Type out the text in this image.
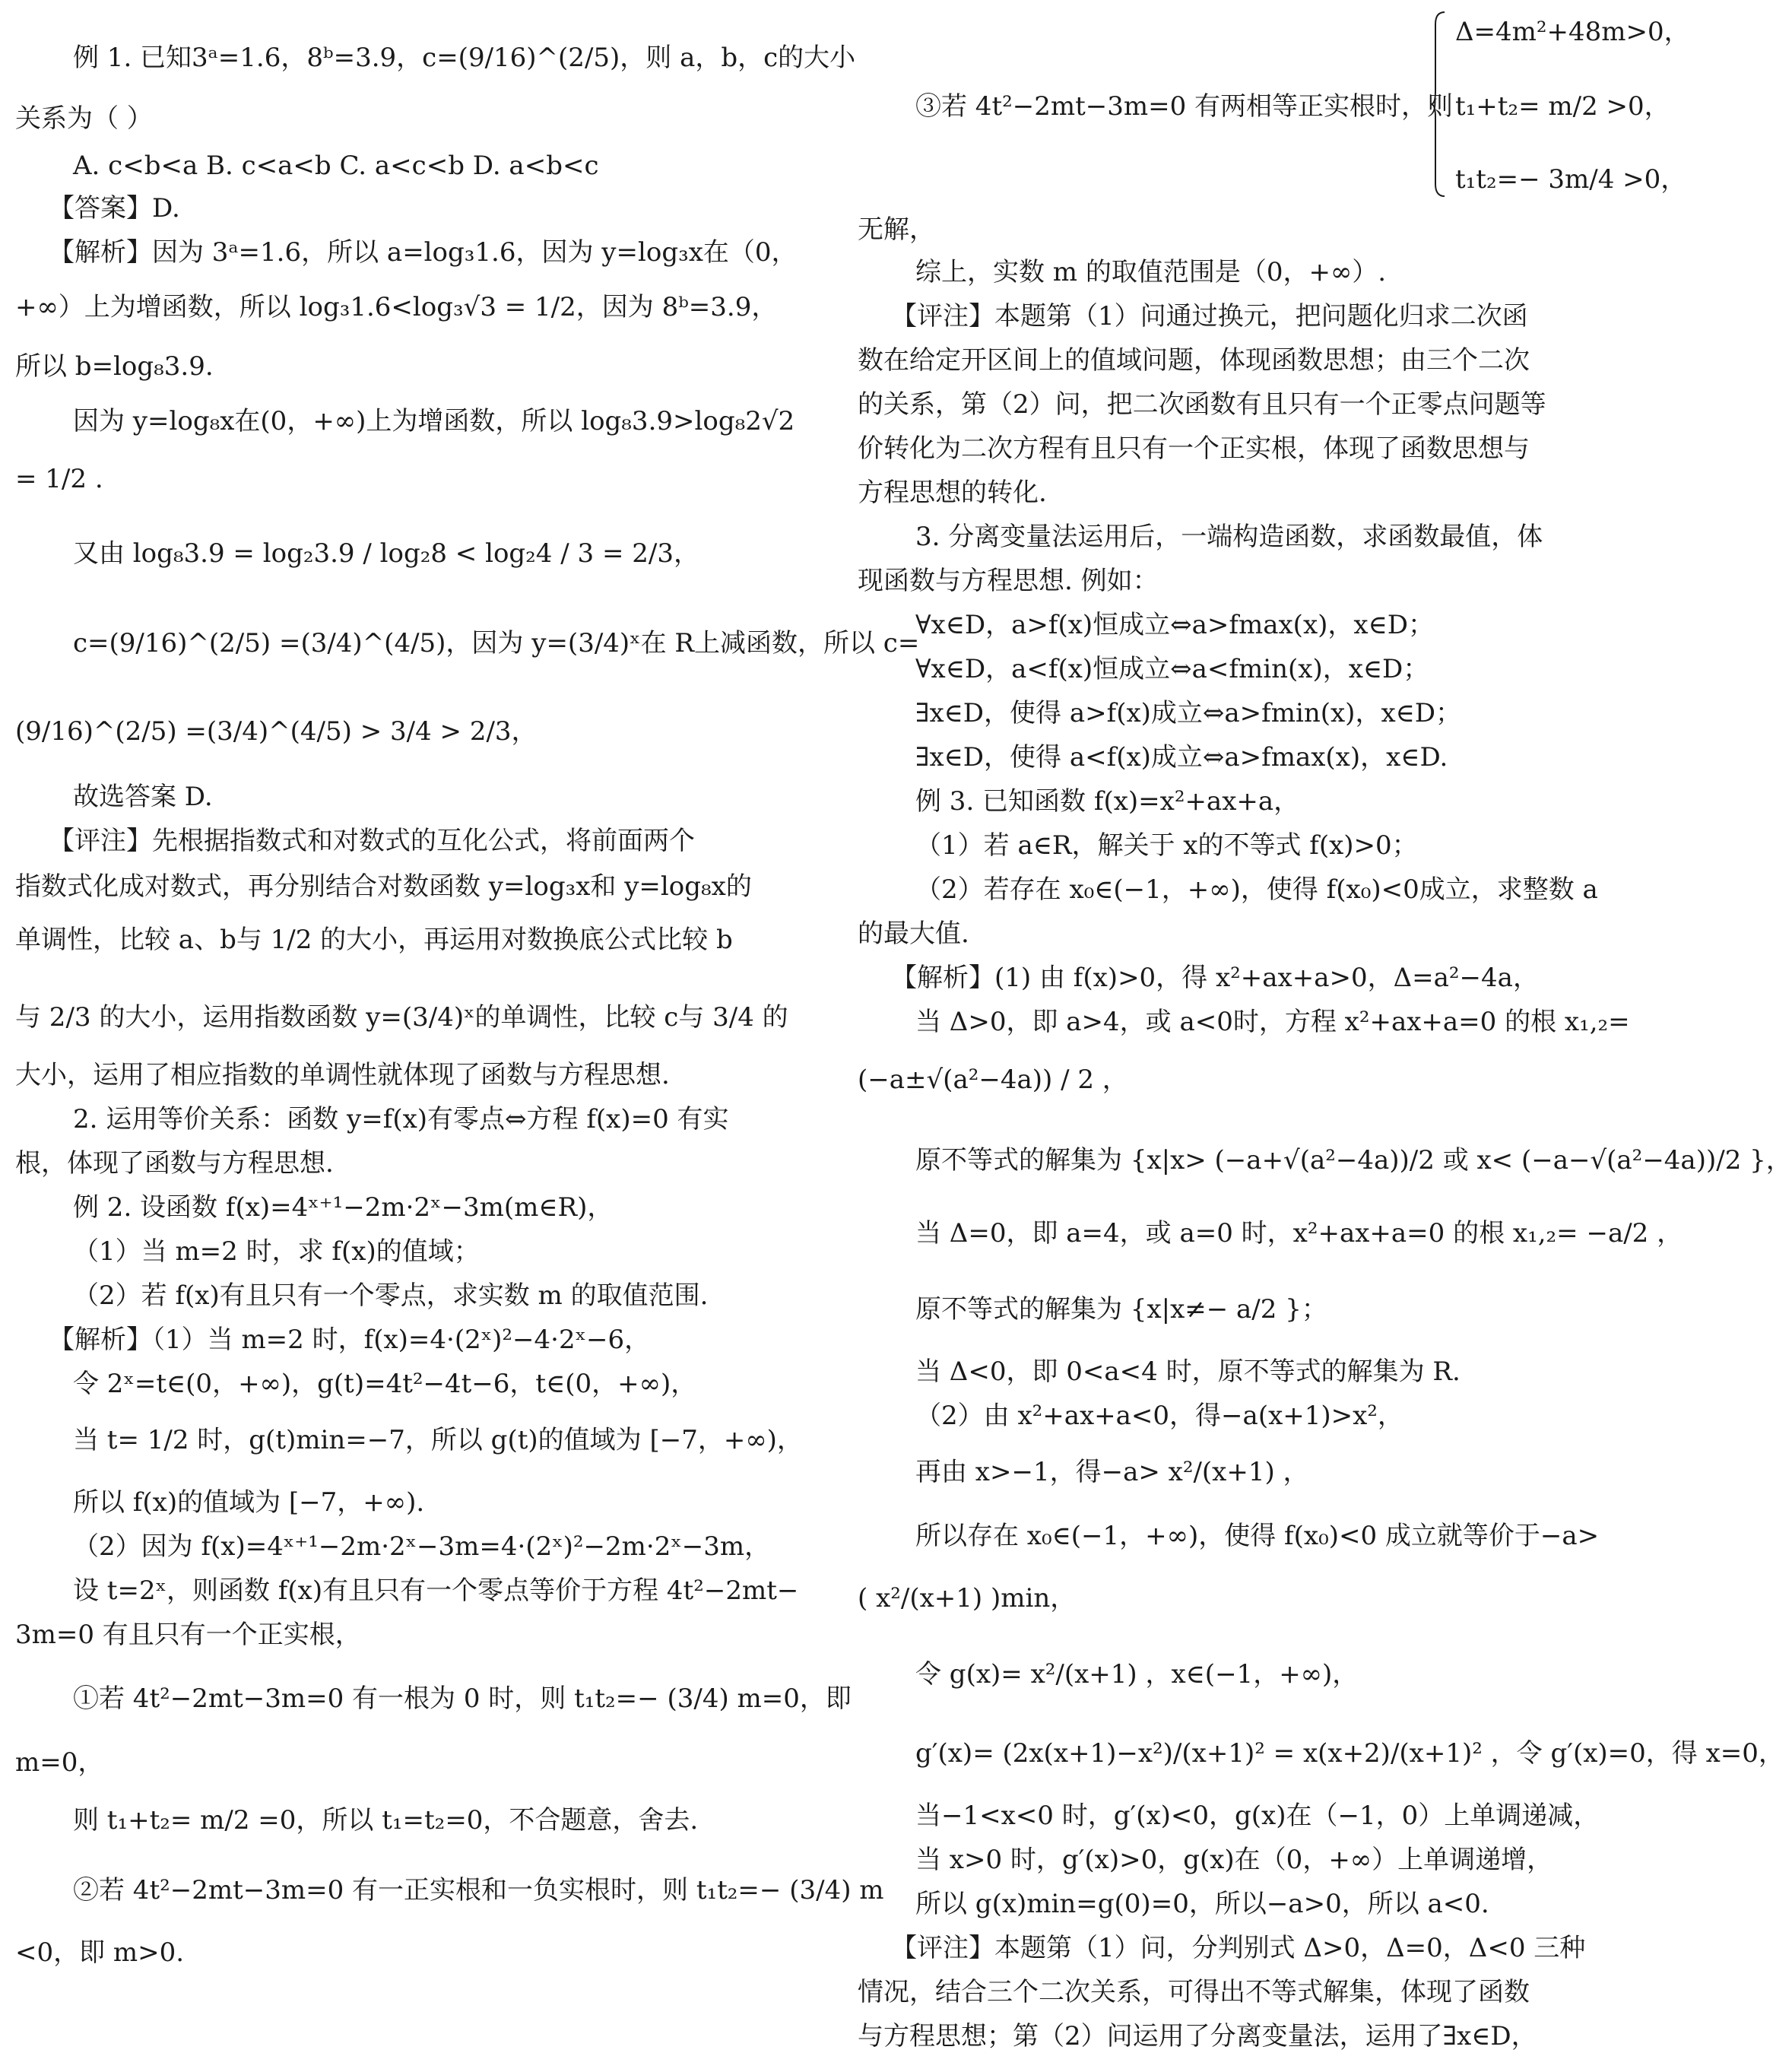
例 1. 已知3ᵃ=1.6，8ᵇ=3.9，c=(9/16)^(2/5)，则 a，b，c的大小
关系为（ ）
A. c<b<a B. c<a<b C. a<c<b D. a<b<c
【答案】D.
【解析】因为 3ᵃ=1.6，所以 a=log₃1.6，因为 y=log₃x在（0，
+∞）上为增函数，所以 log₃1.6<log₃√3 = 1/2，因为 8ᵇ=3.9，
所以 b=log₈3.9.
因为 y=log₈x在(0，+∞)上为增函数，所以 log₈3.9>log₈2√2
= 1/2 .
又由 log₈3.9 = log₂3.9 / log₂8 < log₂4 / 3 = 2/3，
c=(9/16)^(2/5) =(3/4)^(4/5)，因为 y=(3/4)ˣ在 R上减函数，所以 c=
(9/16)^(2/5) =(3/4)^(4/5) > 3/4 > 2/3，
故选答案 D.
【评注】先根据指数式和对数式的互化公式，将前面两个
指数式化成对数式，再分别结合对数函数 y=log₃x和 y=log₈x的
单调性，比较 a、b与 1/2 的大小，再运用对数换底公式比较 b
与 2/3 的大小，运用指数函数 y=(3/4)ˣ的单调性，比较 c与 3/4 的
大小，运用了相应指数的单调性就体现了函数与方程思想.
2. 运用等价关系：函数 y=f(x)有零点⇔方程 f(x)=0 有实
根，体现了函数与方程思想.
例 2. 设函数 f(x)=4ˣ⁺¹−2m·2ˣ−3m(m∈R)，
（1）当 m=2 时，求 f(x)的值域；
（2）若 f(x)有且只有一个零点，求实数 m 的取值范围.
【解析】（1）当 m=2 时，f(x)=4·(2ˣ)²−4·2ˣ−6，
令 2ˣ=t∈(0，+∞)，g(t)=4t²−4t−6，t∈(0，+∞)，
当 t= 1/2 时，g(t)min=−7，所以 g(t)的值域为 [−7，+∞)，
所以 f(x)的值域为 [−7，+∞).
（2）因为 f(x)=4ˣ⁺¹−2m·2ˣ−3m=4·(2ˣ)²−2m·2ˣ−3m，
设 t=2ˣ，则函数 f(x)有且只有一个零点等价于方程 4t²−2mt−
3m=0 有且只有一个正实根，
①若 4t²−2mt−3m=0 有一根为 0 时，则 t₁t₂=− (3/4) m=0，即
m=0，
则 t₁+t₂= m/2 =0，所以 t₁=t₂=0，不合题意，舍去.
②若 4t²−2mt−3m=0 有一正实根和一负实根时，则 t₁t₂=− (3/4) m
<0，即 m>0.
Δ=4m²+48m>0，
③若 4t²−2mt−3m=0 有两相等正实根时，则 t₁+t₂= m/2 >0，
t₁t₂=− 3m/4 >0，
无解，
综上，实数 m 的取值范围是（0，+∞）.
【评注】本题第（1）问通过换元，把问题化归求二次函
数在给定开区间上的值域问题，体现函数思想；由三个二次
的关系，第（2）问，把二次函数有且只有一个正零点问题等
价转化为二次方程有且只有一个正实根，体现了函数思想与
方程思想的转化.
3. 分离变量法运用后，一端构造函数，求函数最值，体
现函数与方程思想. 例如：
∀x∈D，a>f(x)恒成立⇔a>fmax(x)，x∈D；
∀x∈D，a<f(x)恒成立⇔a<fmin(x)，x∈D；
∃x∈D，使得 a>f(x)成立⇔a>fmin(x)，x∈D；
∃x∈D，使得 a<f(x)成立⇔a>fmax(x)，x∈D.
例 3. 已知函数 f(x)=x²+ax+a，
（1）若 a∈R，解关于 x的不等式 f(x)>0；
（2）若存在 x₀∈(−1，+∞)，使得 f(x₀)<0成立，求整数 a
的最大值.
【解析】(1) 由 f(x)>0，得 x²+ax+a>0，Δ=a²−4a，
当 Δ>0，即 a>4，或 a<0时，方程 x²+ax+a=0 的根 x₁,₂=
(−a±√(a²−4a)) / 2 ，
原不等式的解集为 {x|x> (−a+√(a²−4a))/2 或 x< (−a−√(a²−4a))/2 }，
当 Δ=0，即 a=4，或 a=0 时，x²+ax+a=0 的根 x₁,₂= −a/2 ，
原不等式的解集为 {x|x≠− a/2 }；
当 Δ<0，即 0<a<4 时，原不等式的解集为 R.
（2）由 x²+ax+a<0，得−a(x+1)>x²，
再由 x>−1，得−a> x²/(x+1) ，
所以存在 x₀∈(−1，+∞)，使得 f(x₀)<0 成立就等价于−a>
( x²/(x+1) )min，
令 g(x)= x²/(x+1) ，x∈(−1，+∞)，
g′(x)= (2x(x+1)−x²)/(x+1)² = x(x+2)/(x+1)² ，令 g′(x)=0，得 x=0，
当−1<x<0 时，g′(x)<0，g(x)在（−1，0）上单调递减，
当 x>0 时，g′(x)>0，g(x)在（0，+∞）上单调递增，
所以 g(x)min=g(0)=0，所以−a>0，所以 a<0.
【评注】本题第（1）问，分判别式 Δ>0，Δ=0，Δ<0 三种
情况，结合三个二次关系，可得出不等式解集，体现了函数
与方程思想；第（2）问运用了分离变量法，运用了∃x∈D，
